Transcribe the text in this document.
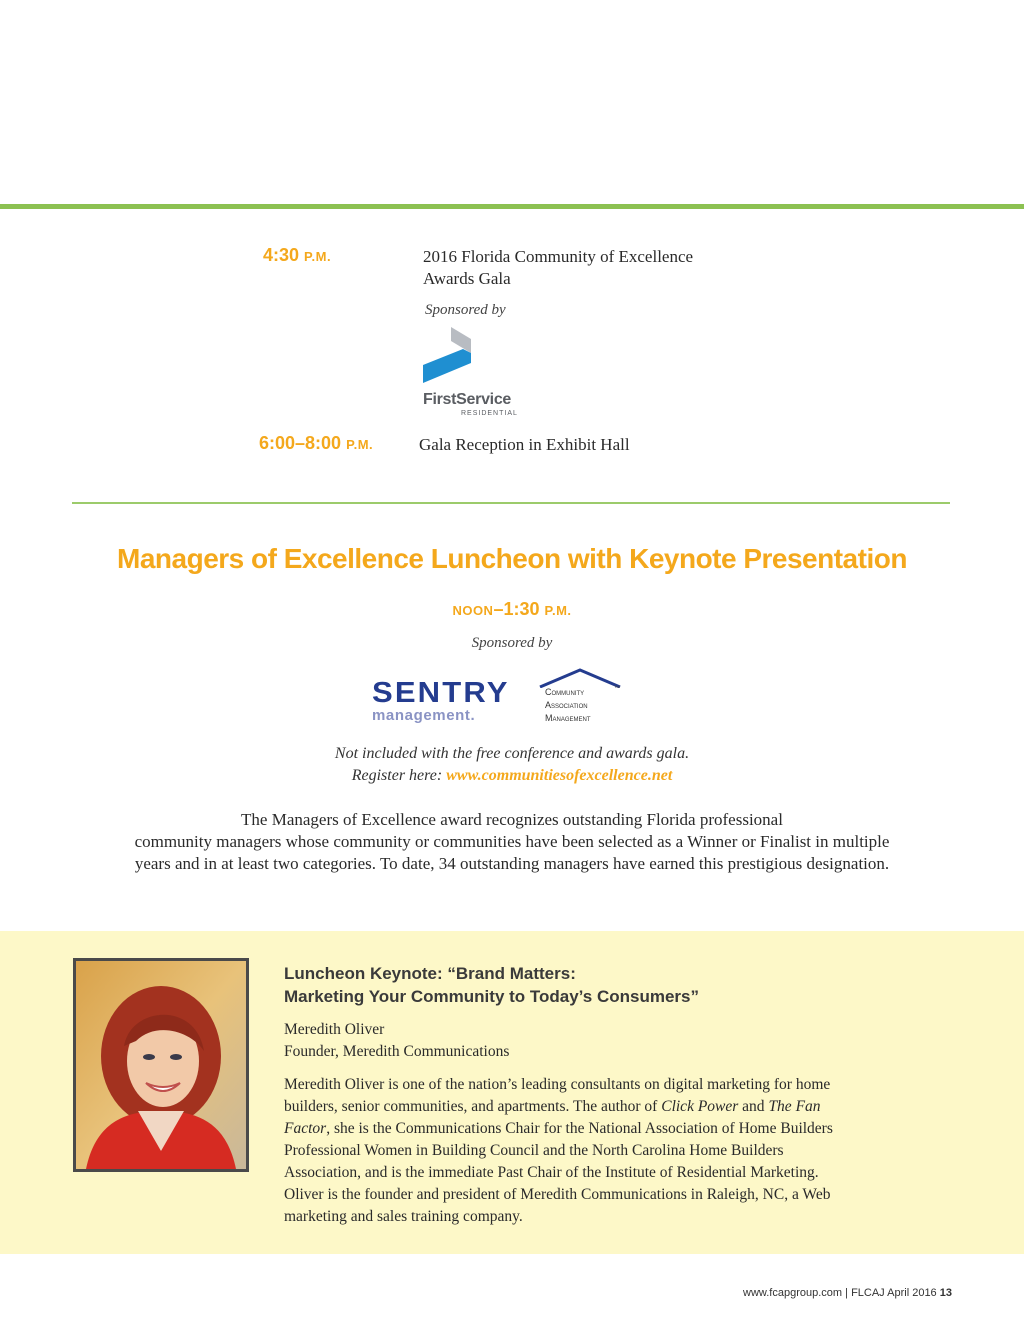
4:30 P.M.	2016 Florida Community of Excellence
Awards Gala
Sponsored by
FirstService
RESIDENTIAL
6:00–8:00 P.M.	Gala Reception in Exhibit Hall
Managers of Excellence Luncheon with Keynote Presentation
NOON–1:30 P.M.
Sponsored by
SENTRY
management.
TM
Community
Association
Management
Not included with the free conference and awards gala.
Register here: www.communitiesofexcellence.net
The Managers of Excellence award recognizes outstanding Florida professional
community managers whose community or communities have been selected as a Winner or Finalist in multiple
years and in at least two categories. To date, 34 outstanding managers have earned this prestigious designation.
Luncheon Keynote: “Brand Matters:
Marketing Your Community to Today’s Consumers”
Meredith Oliver
Founder, Meredith Communications
Meredith Oliver is one of the nation’s leading consultants on digital marketing for home
builders, senior communities, and apartments. The author of Click Power and The Fan
Factor, she is the Communications Chair for the National Association of Home Builders
Professional Women in Building Council and the North Carolina Home Builders
Association, and is the immediate Past Chair of the Institute of Residential Marketing.
Oliver is the founder and president of Meredith Communications in Raleigh, NC, a Web
marketing and sales training company.
www.fcapgroup.com | FLCAJ April 2016 13
